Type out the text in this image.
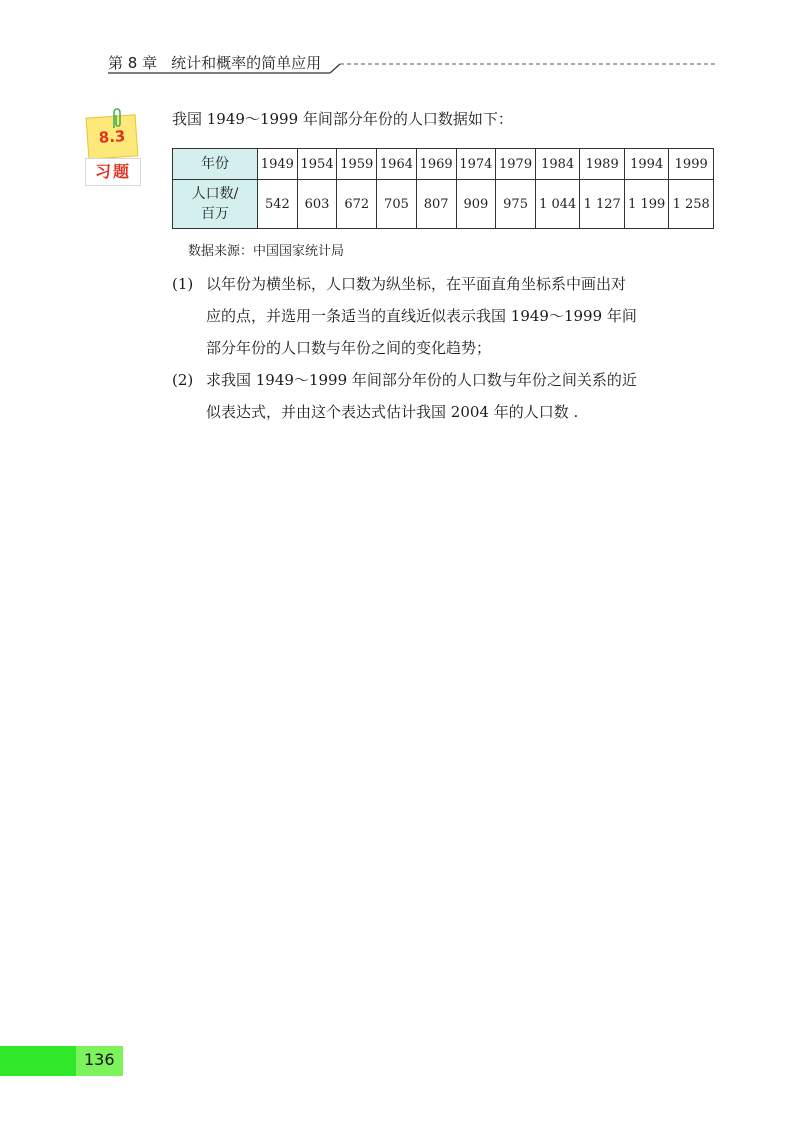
第 8 章 统计和概率的简单应用
8.3
习题
我国 1949～1999 年间部分年份的人口数据如下：
年份	1949	1954	1959	1964	1969	1974	1979	1984	1989	1994	1999
人口数/
百万	542	603	672	705	807	909	975	1 044	1 127	1 199	1 258
数据来源：中国国家统计局
(1) 以年份为横坐标，人口数为纵坐标，在平面直角坐标系中画出对
应的点，并选用一条适当的直线近似表示我国 1949～1999 年间
部分年份的人口数与年份之间的变化趋势；
(2) 求我国 1949～1999 年间部分年份的人口数与年份之间关系的近
似表达式，并由这个表达式估计我国 2004 年的人口数 .
136
